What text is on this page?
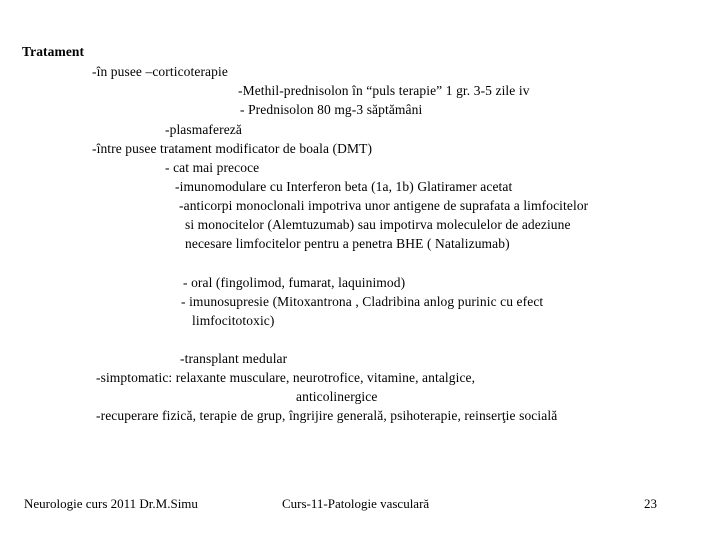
Tratament
-în pusee –corticoterapie
-Methil-prednisolon în “puls terapie” 1 gr. 3-5 zile iv
- Prednisolon 80 mg-3 săptămâni
-plasmafereză
-între pusee tratament modificator de boala (DMT)
- cat mai precoce
-imunomodulare cu Interferon beta (1a, 1b) Glatiramer acetat
-anticorpi monoclonali impotriva unor antigene de suprafata a limfocitelor
si monocitelor (Alemtuzumab) sau impotirva moleculelor de adeziune
necesare limfocitelor pentru a penetra BHE ( Natalizumab)
- oral (fingolimod, fumarat, laquinimod)
- imunosupresie (Mitoxantrona , Cladribina anlog purinic cu efect
limfocitotoxic)
-transplant medular
-simptomatic: relaxante musculare, neurotrofice, vitamine, antalgice,
anticolinergice
-recuperare fizică, terapie de grup, îngrijire generală, psihoterapie, reinserţie socială
Neurologie curs 2011 Dr.M.Simu	Curs-11-Patologie vasculară	23
